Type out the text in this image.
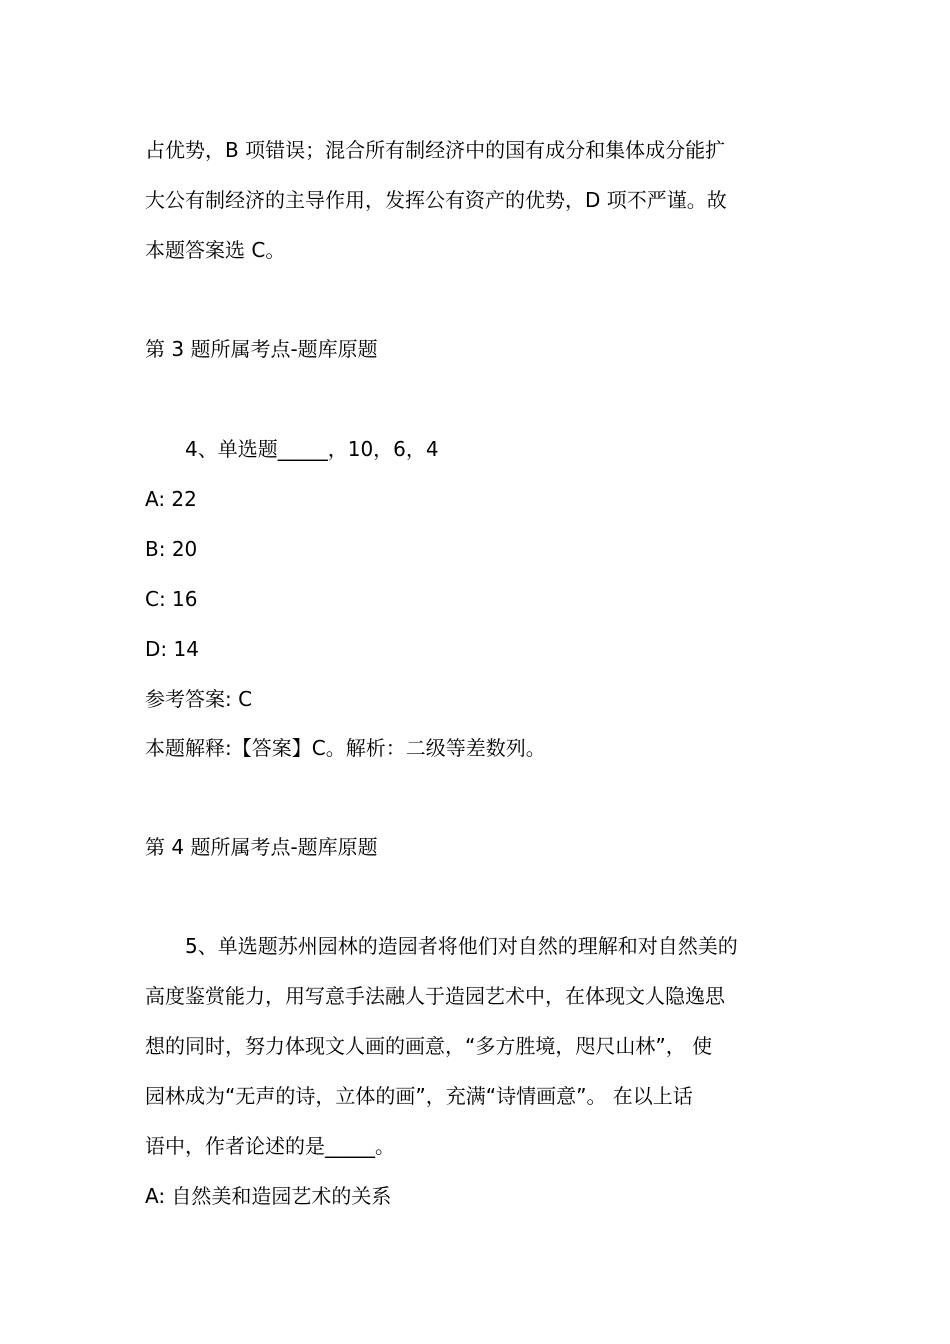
占优势，B 项错误；混合所有制经济中的国有成分和集体成分能扩
大公有制经济的主导作用，发挥公有资产的优势，D 项不严谨。故
本题答案选 C。
第 3 题所属考点-题库原题
4、单选题_____，10，6，4
A: 22
B: 20
C: 16
D: 14
参考答案: C
本题解释:【答案】C。解析：二级等差数列。
第 4 题所属考点-题库原题
5、单选题苏州园林的造园者将他们对自然的理解和对自然美的
高度鉴赏能力，用写意手法融人于造园艺术中，在体现文人隐逸思
想的同时，努力体现文人画的画意，“多方胜境，咫尺山林”， 使
园林成为“无声的诗，立体的画”，充满“诗情画意”。 在以上话
语中，作者论述的是_____。
A: 自然美和造园艺术的关系
